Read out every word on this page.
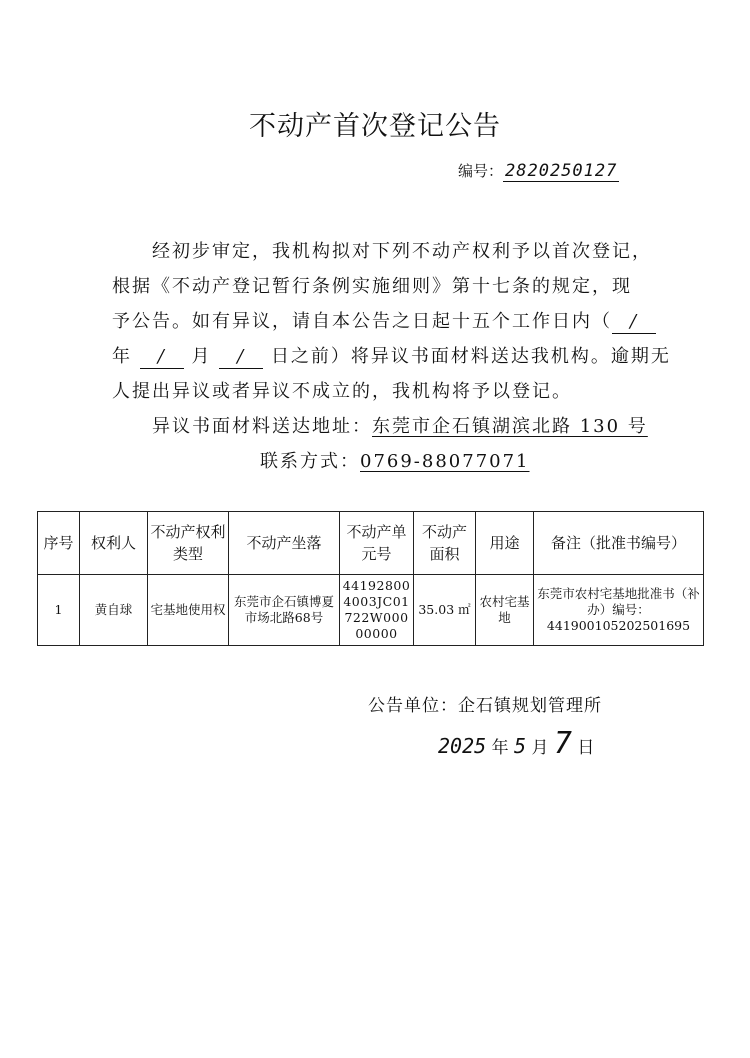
不动产首次登记公告
编号： 2820250127
经初步审定，我机构拟对下列不动产权利予以首次登记，
根据《不动产登记暂行条例实施细则》第十七条的规定，现
予公告。如有异议，请自本公告之日起十五个工作日内（ /
年 / 月 / 日之前）将异议书面材料送达我机构。逾期无
人提出异议或者异议不成立的，我机构将予以登记。
异议书面材料送达地址：东莞市企石镇湖滨北路 130 号
联系方式：0769-88077071
序号	权利人	不动产权利类型	不动产坐落	不动产单元号	不动产面积	用途	备注（批准书编号）
1	黄自球	宅基地使用权	东莞市企石镇博夏市场北路68号	441928004003JC01722W00000000	35.03 ㎡	农村宅基地	东莞市农村宅基地批准书（补办）编号：441900105202501695
公告单位：企石镇规划管理所
2025 年 5 月 7 日
